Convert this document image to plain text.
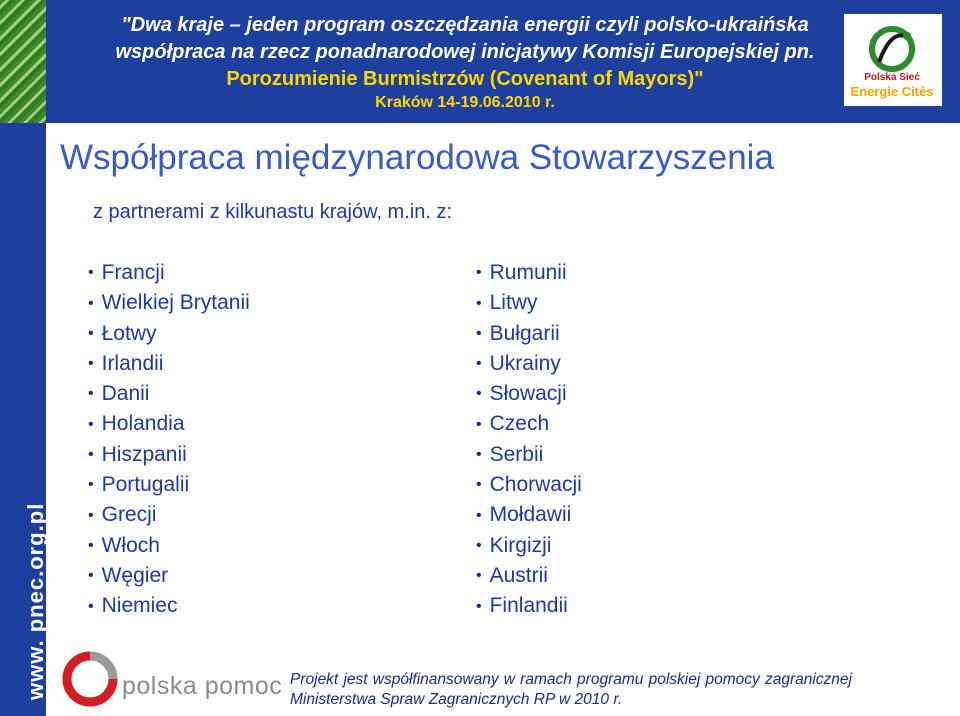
"Dwa kraje – jeden program oszczędzania energii czyli polsko-ukraińska
współpraca na rzecz ponadnarodowej inicjatywy Komisji Europejskiej pn.
Porozumienie Burmistrzów (Covenant of Mayors)"
Kraków 14-19.06.2010 r.
Polska Sieć
Energie Cités
www. pnec.org.pl
Współpraca międzynarodowa Stowarzyszenia
z partnerami z kilkunastu krajów, m.in. z:
• Francji
• Wielkiej Brytanii
• Łotwy
• Irlandii
• Danii
• Holandia
• Hiszpanii
• Portugalii
• Grecji
• Włoch
• Węgier
• Niemiec
• Rumunii
• Litwy
• Bułgarii
• Ukrainy
• Słowacji
• Czech
• Serbii
• Chorwacji
• Mołdawii
• Kirgizji
• Austrii
• Finlandii
polska pomoc Projekt jest współfinansowany w ramach programu polskiej pomocy zagranicznej Ministerstwa Spraw Zagranicznych RP w 2010 r.
